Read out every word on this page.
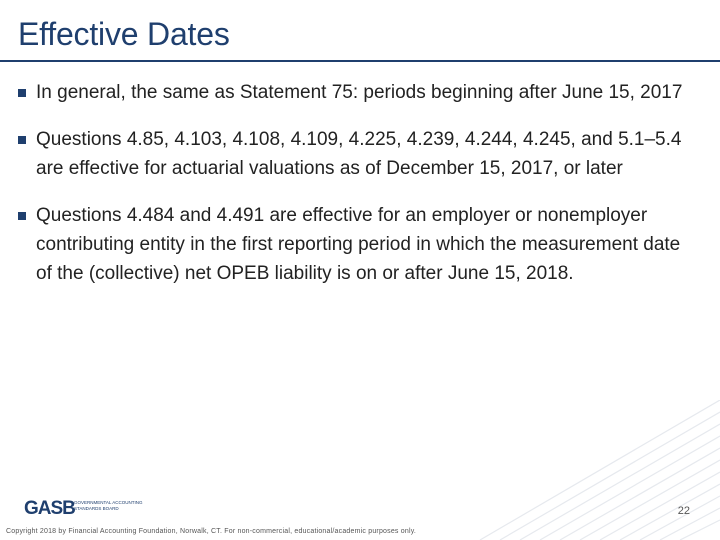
Effective Dates
In general, the same as Statement 75: periods beginning after June 15, 2017
Questions 4.85, 4.103, 4.108, 4.109, 4.225, 4.239, 4.244, 4.245, and 5.1–5.4 are effective for actuarial valuations as of December 15, 2017, or later
Questions 4.484 and 4.491 are effective for an employer or nonemployer contributing entity in the first reporting period in which the measurement date of the (collective) net OPEB liability is on or after June 15, 2018.
22
GASB GOVERNMENTAL ACCOUNTING STANDARDS BOARD
Copyright 2018 by Financial Accounting Foundation, Norwalk, CT. For non-commercial, educational/academic purposes only.
